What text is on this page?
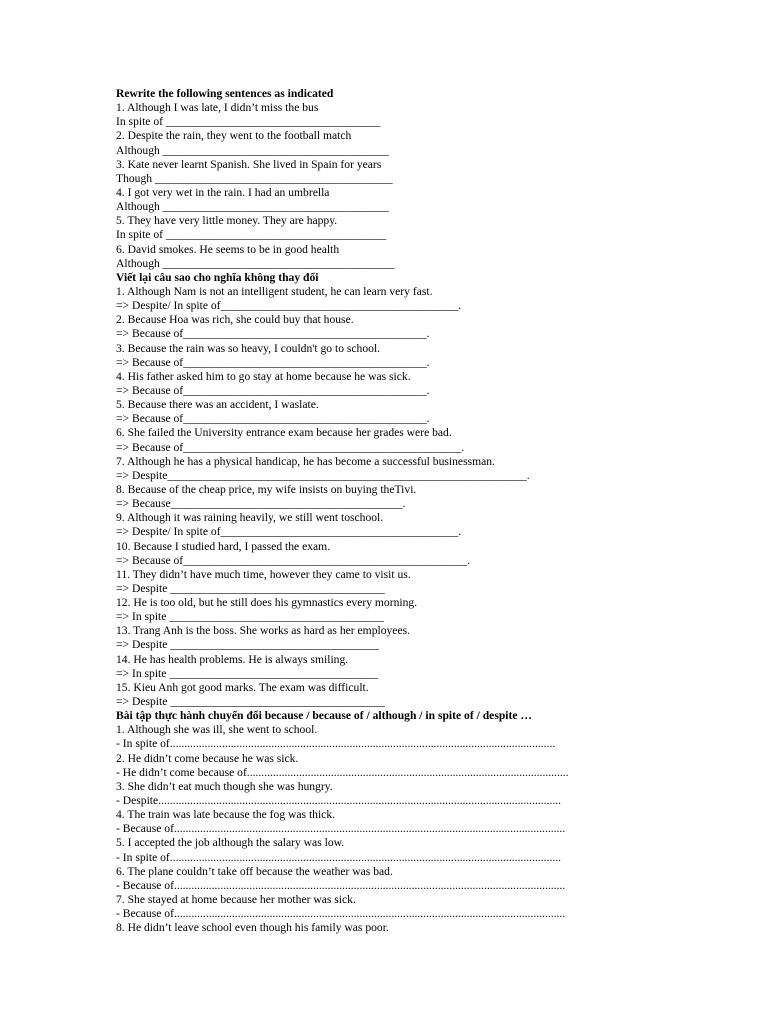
Rewrite the following sentences as indicated
1. Although I was late, I didn’t miss the bus
In spite of _____________________________________
2. Despite the rain, they went to the football match
Although _______________________________________
3. Kate never learnt Spanish. She lived in Spain for years
Though _________________________________________
4. I got very wet in the rain. I had an umbrella
Although _______________________________________
5. They have very little money. They are happy.
In spite of ______________________________________
6. David smokes. He seems to be in good health
Although ________________________________________
Viết lại câu sao cho nghĩa không thay đổi
1. Although Nam is not an intelligent student, he can learn very fast.
=> Despite/ In spite of_________________________________________.
2. Because Hoa was rich, she could buy that house.
=> Because of__________________________________________.
3. Because the rain was so heavy, I couldn't go to school.
=> Because of__________________________________________.
4. His father asked him to go stay at home because he was sick.
=> Because of__________________________________________.
5. Because there was an accident, I waslate.
=> Because of__________________________________________.
6. She failed the University entrance exam because her grades were bad.
=> Because of________________________________________________.
7. Although he has a physical handicap, he has become a successful businessman.
=> Despite______________________________________________________________.
8. Because of the cheap price, my wife insists on buying theTivi.
=> Because________________________________________.
9. Although it was raining heavily, we still went toschool.
=> Despite/ In spite of_________________________________________.
10. Because I studied hard, I passed the exam.
=> Because of_________________________________________________.
11. They didn’t have much time, however they came to visit us.
=> Despite _____________________________________
12. He is too old, but he still does his gymnastics every morning.
=> In spite _____________________________________
13. Trang Anh is the boss. She works as hard as her employees.
=> Despite ____________________________________
14. He has health problems. He is always smiling.
=> In spite ____________________________________
15. Kieu Anh got good marks. The exam was difficult.
=> Despite _____________________________________
Bài tập thực hành chuyển đổi because / because of / although / in spite of / despite …
1. Although she was ill, she went to school.
- In spite of.....................................................................................................................................
2. He didn’t come because he was sick.
- He didn’t come because of...............................................................................................................
3. She didn’t eat much though she was hungry.
- Despite...........................................................................................................................................
4. The train was late because the fog was thick.
- Because of.......................................................................................................................................
5. I accepted the job although the salary was low.
- In spite of.......................................................................................................................................
6. The plane couldn’t take off because the weather was bad.
- Because of.......................................................................................................................................
7. She stayed at home because her mother was sick.
- Because of.......................................................................................................................................
8. He didn’t leave school even though his family was poor.
